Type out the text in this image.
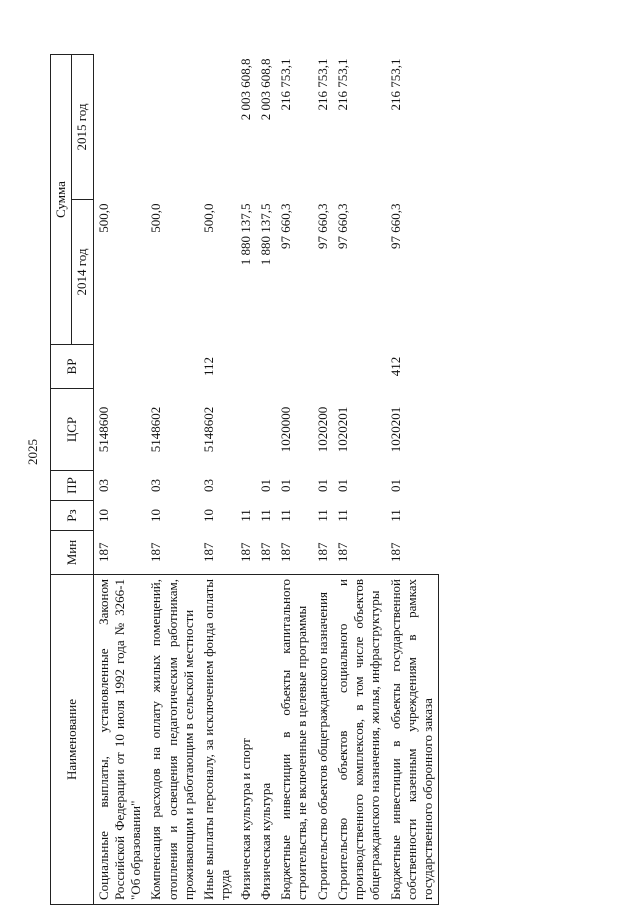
2025
Наименование	Мин	Рз	ПР	ЦСР	ВР	Сумма	
						2014 год	2015 год
Социальные выплаты, установленные Законом Российской Федерации от 10 июля 1992 года № 3266-1 "Об образовании"	187	10	03	5148600		500,0	
Компенсация расходов на оплату жилых помещений, отопления и освещения педагогическим работникам, проживающим и работающим в сельской местности	187	10	03	5148602		500,0	
Иные выплаты персоналу, за исключением фонда оплаты труда	187	10	03	5148602	112	500,0	
Физическая культура и спорт	187	11				1 880 137,5	2 003 608,8
Физическая культура	187	11	01			1 880 137,5	2 003 608,8
Бюджетные инвестиции в объекты капитального строительства, не включенные в целевые программы	187	11	01	1020000		97 660,3	216 753,1
Строительство объектов общегражданского назначения	187	11	01	1020200		97 660,3	216 753,1
Строительство объектов социального и производственного комплексов, в том числе объектов общегражданского назначения, жилья, инфраструктуры	187	11	01	1020201		97 660,3	216 753,1
Бюджетные инвестиции в объекты государственной собственности казенным учреждениям в рамках государственного оборонного заказа	187	11	01	1020201	412	97 660,3	216 753,1
